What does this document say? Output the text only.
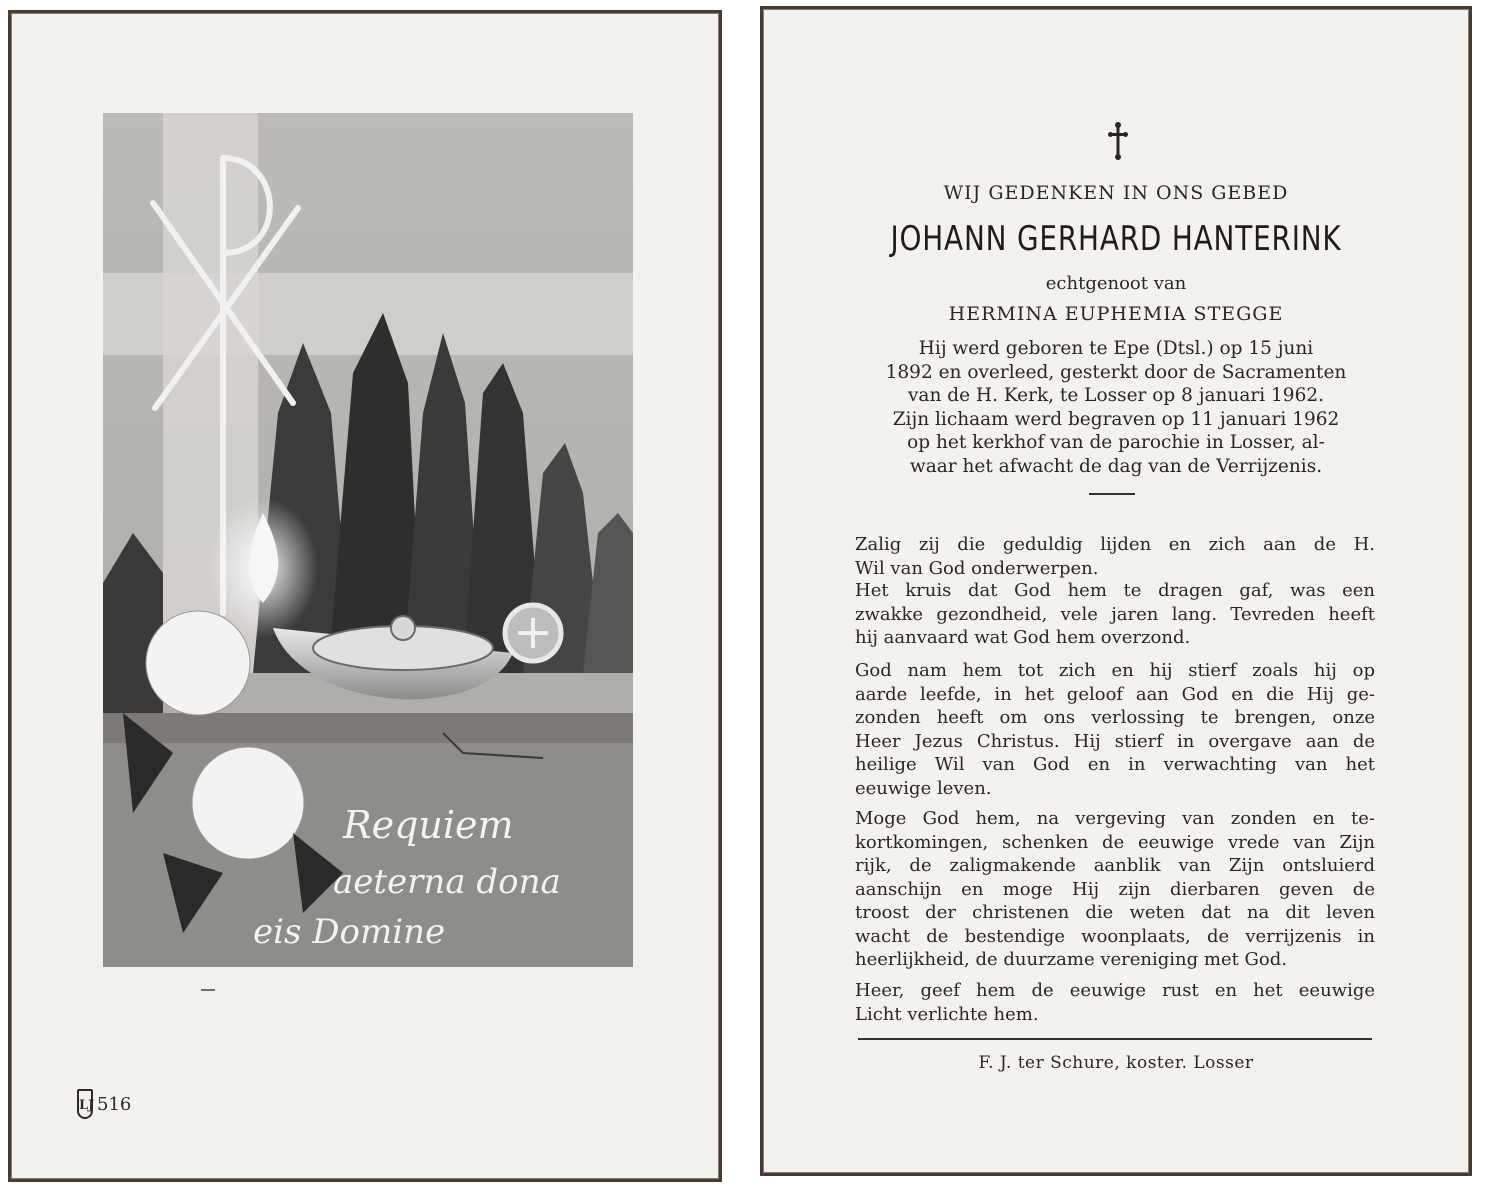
Requiem
aeterna dona
eis Domine
LJ 516

WIJ GEDENKEN IN ONS GEBED

JOHANN GERHARD HANTERINK

echtgenoot van

HERMINA EUPHEMIA STEGGE

Hij werd geboren te Epe (Dtsl.) op 15 juni
1892 en overleed, gesterkt door de Sacramenten
van de H. Kerk, te Losser op 8 januari 1962.
Zijn lichaam werd begraven op 11 januari 1962
op het kerkhof van de parochie in Losser, al-
waar het afwacht de dag van de Verrijzenis.
Zalig zij die geduldig lijden en zich aan de H.
Wil van God onderwerpen.
Het kruis dat God hem te dragen gaf, was een
zwakke gezondheid, vele jaren lang. Tevreden heeft
hij aanvaard wat God hem overzond.
God nam hem tot zich en hij stierf zoals hij op
aarde leefde, in het geloof aan God en die Hij ge-
zonden heeft om ons verlossing te brengen, onze
Heer Jezus Christus. Hij stierf in overgave aan de
heilige Wil van God en in verwachting van het
eeuwige leven.
Moge God hem, na vergeving van zonden en te-
kortkomingen, schenken de eeuwige vrede van Zijn
rijk, de zaligmakende aanblik van Zijn ontsluierd
aanschijn en moge Hij zijn dierbaren geven de
troost der christenen die weten dat na dit leven
wacht de bestendige woonplaats, de verrijzenis in
heerlijkheid, de duurzame vereniging met God.
Heer, geef hem de eeuwige rust en het eeuwige
Licht verlichte hem.

F. J. ter Schure, koster. Losser
